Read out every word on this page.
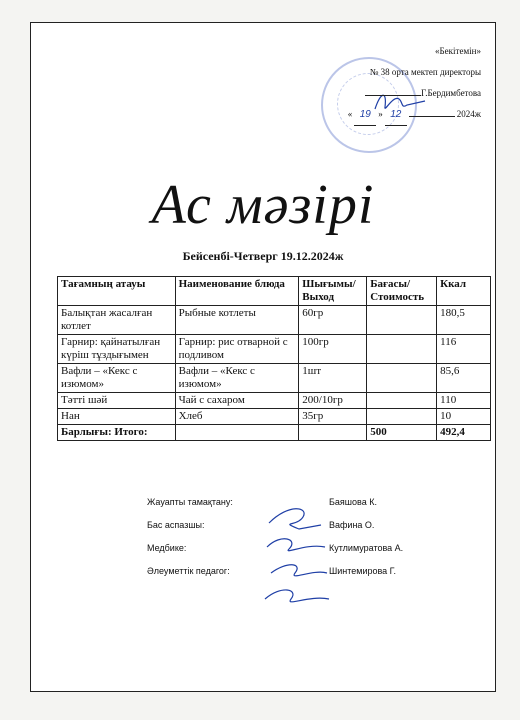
«Бекітемін»
№ 38 орта мектеп директоры
Г.Бердимбетова
« 19 » 12	2024ж
Ас мәзірі
Бейсенбі-Четверг 19.12.2024ж
Тағамның атауы	Наименование блюда	Шығымы/ Выход	Бағасы/ Стоимость	Ккал
Балықтан жасалған котлет	Рыбные котлеты	60гр		180,5
Гарнир: қайнатылған күріш тұздығымен	Гарнир: рис отварной с подливом	100гр		116
Вафли – «Кекс с изюмом»	Вафли – «Кекс с изюмом»	1шт		85,6
Тәтті шәй	Чай с сахаром	200/10гр		110
Нан	Хлеб	35гр		10
Барлығы: Итого:			500	492,4
Жауапты тамақтану:	Баяшова К.
Бас аспазшы:	Вафина О.
Медбике:	Кутлимуратова А.
Әлеуметтік педагог:	Шинтемирова Г.
